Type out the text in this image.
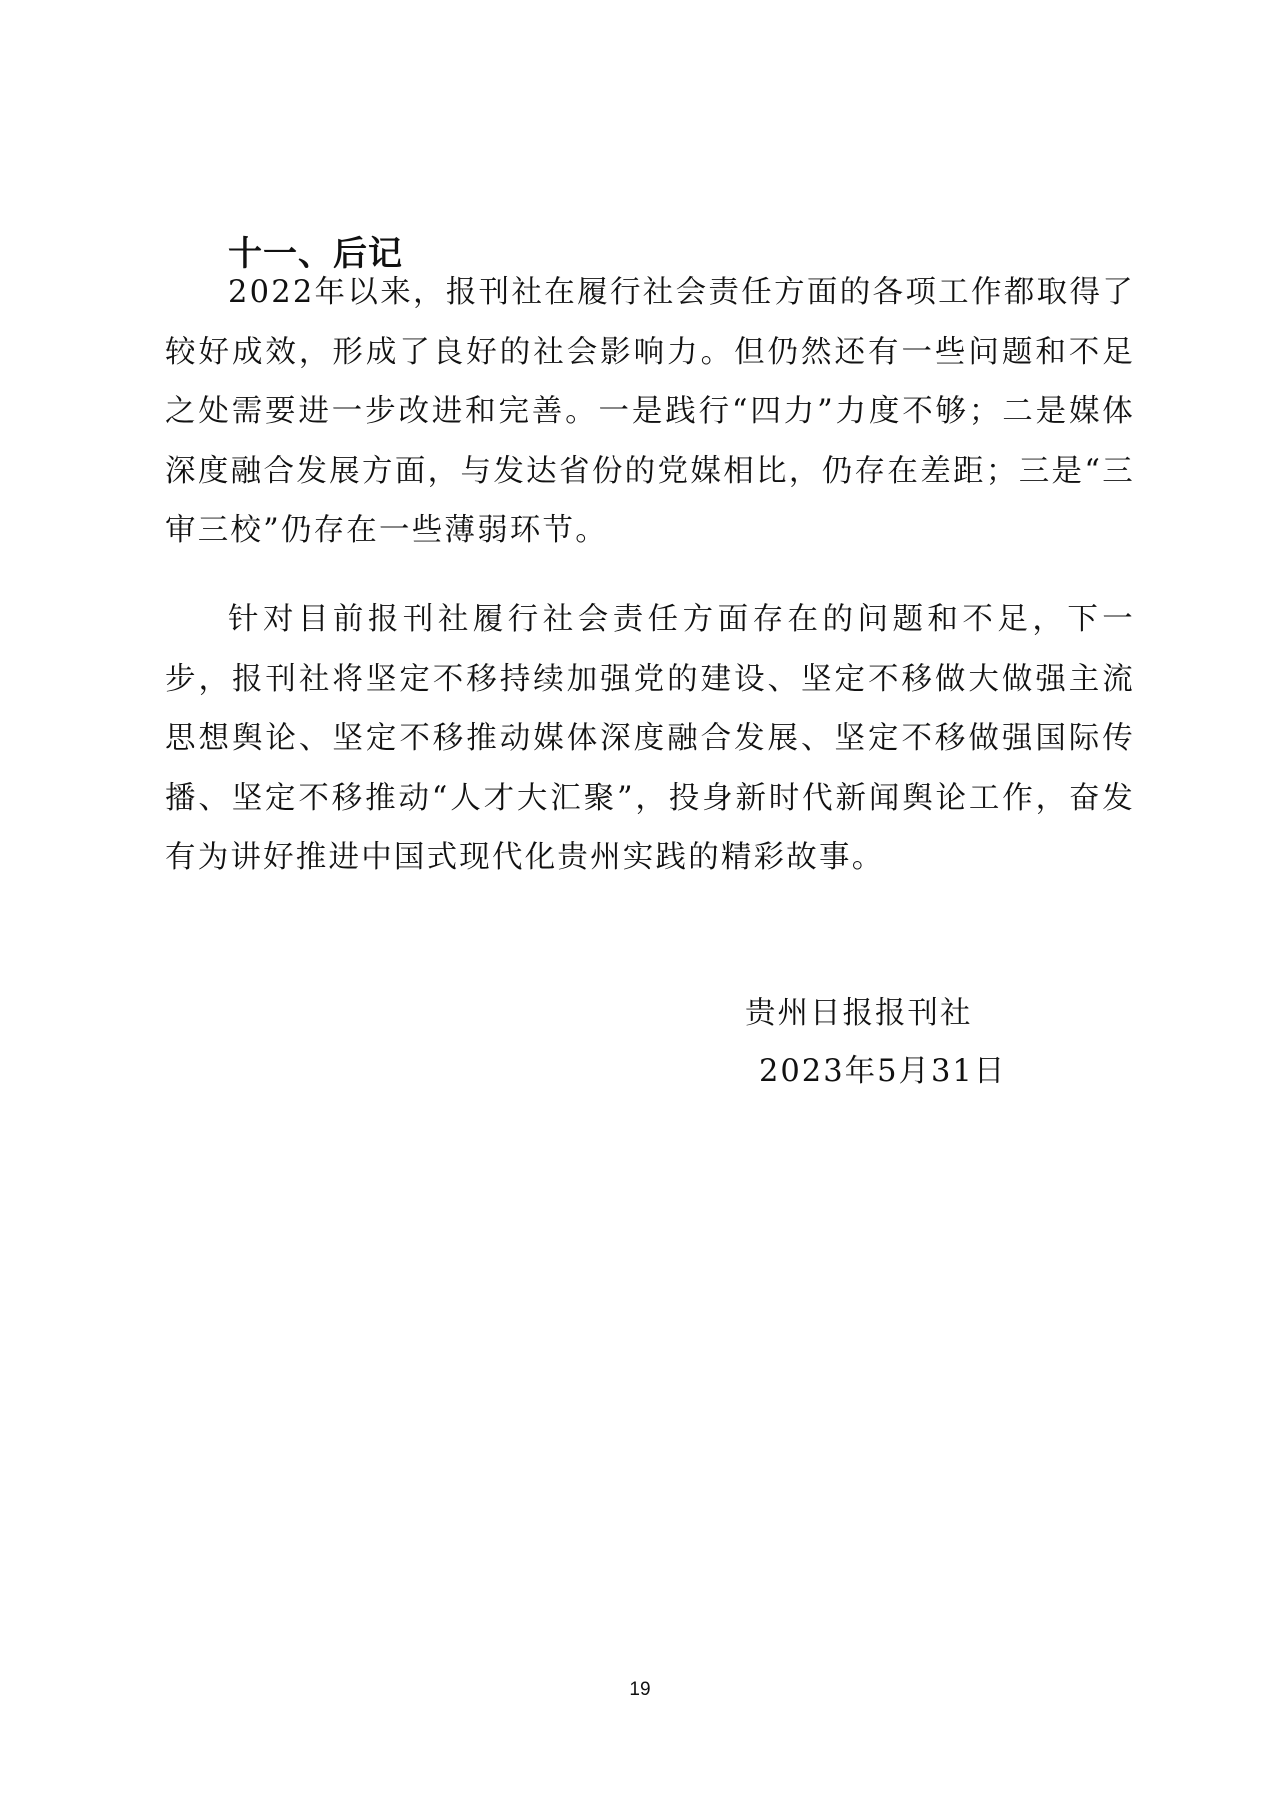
十一、后记

2022年以来，报刊社在履行社会责任方面的各项工作都取得了较好成效，形成了良好的社会影响力。但仍然还有一些问题和不足之处需要进一步改进和完善。一是践行“四力”力度不够；二是媒体深度融合发展方面，与发达省份的党媒相比，仍存在差距；三是“三审三校”仍存在一些薄弱环节。

针对目前报刊社履行社会责任方面存在的问题和不足，下一步，报刊社将坚定不移持续加强党的建设、坚定不移做大做强主流思想舆论、坚定不移推动媒体深度融合发展、坚定不移做强国际传播、坚定不移推动“人才大汇聚”，投身新时代新闻舆论工作，奋发有为讲好推进中国式现代化贵州实践的精彩故事。

贵州日报报刊社
2023年5月31日
19
